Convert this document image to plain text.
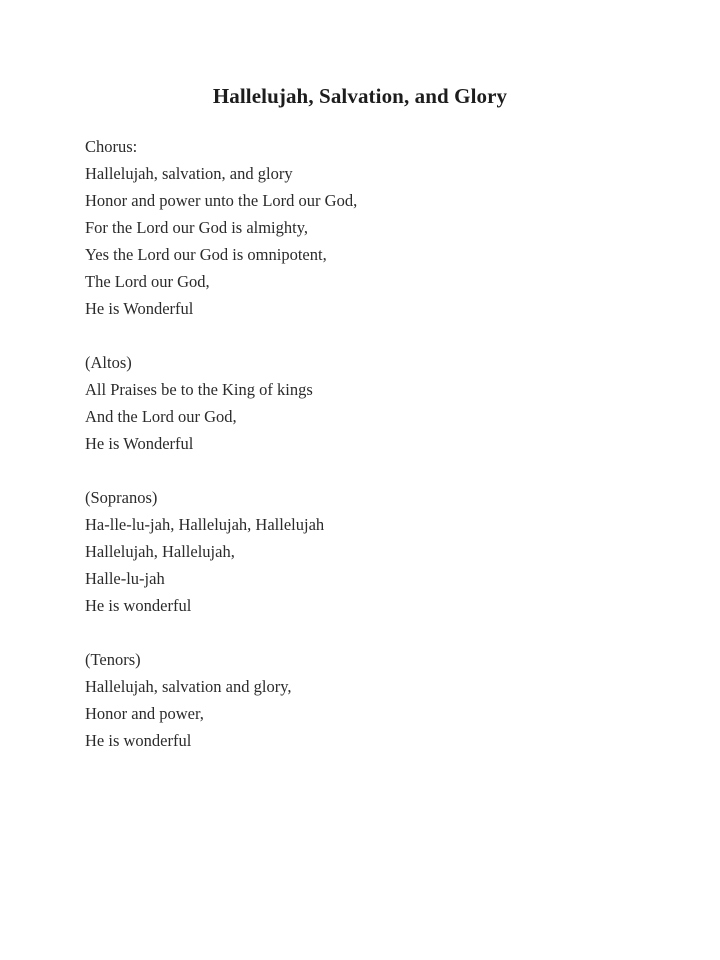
Hallelujah, Salvation, and Glory
Chorus:
Hallelujah, salvation, and glory
Honor and power unto the Lord our God,
For the Lord our God is almighty,
Yes the Lord our God is omnipotent,
The Lord our God,
He is Wonderful
(Altos)
All Praises be to the King of kings
And the Lord our God,
He is Wonderful
(Sopranos)
Ha-lle-lu-jah, Hallelujah, Hallelujah
Hallelujah, Hallelujah,
Halle-lu-jah
He is wonderful
(Tenors)
Hallelujah, salvation and glory,
Honor and power,
He is wonderful
